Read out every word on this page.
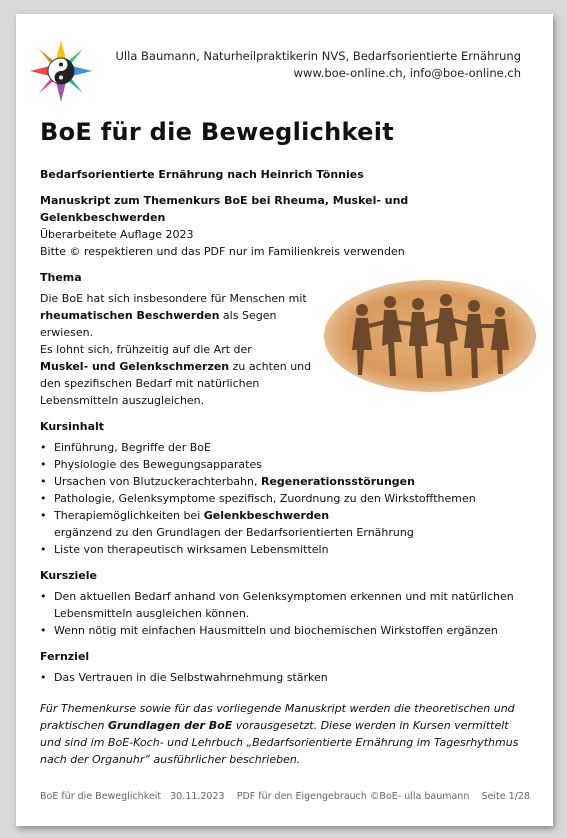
Ulla Baumann, Naturheilpraktikerin NVS, Bedarfsorientierte Ernährung
www.boe-online.ch, info@boe-online.ch
BoE für die Beweglichkeit

Bedarfsorientierte Ernährung nach Heinrich Tönnies

Manuskript zum Themenkurs BoE bei Rheuma, Muskel- und Gelenkbeschwerden

Überarbeitete Auflage 2023

Bitte © respektieren und das PDF nur im Familienkreis verwenden

Thema

Die BoE hat sich insbesondere für Menschen mit

rheumatischen Beschwerden als Segen erwiesen.

Es lohnt sich, frühzeitig auf die Art der

Muskel- und Gelenkschmerzen zu achten und

den spezifischen Bedarf mit natürlichen

Lebensmitteln auszugleichen.

Kursinhalt

• Einführung, Begriffe der BoE
• Physiologie des Bewegungsapparates
• Ursachen von Blutzuckerachterbahn, Regenerationsstörungen
• Pathologie, Gelenksymptome spezifisch, Zuordnung zu den Wirkstoffthemen
• Therapiemöglichkeiten bei Gelenkbeschwerden
ergänzend zu den Grundlagen der Bedarfsorientierten Ernährung
• Liste von therapeutisch wirksamen Lebensmitteln

Kursziele

• Den aktuellen Bedarf anhand von Gelenksymptomen erkennen und mit natürlichen Lebensmitteln ausgleichen können.
• Wenn nötig mit einfachen Hausmitteln und biochemischen Wirkstoffen ergänzen

Fernziel

• Das Vertrauen in die Selbstwahrnehmung stärken

Für Themenkurse sowie für das vorliegende Manuskript werden die theoretischen und praktischen Grundlagen der BoE vorausgesetzt. Diese werden in Kursen vermittelt und sind im BoE-Koch- und Lehrbuch „Bedarfsorientierte Ernährung im Tagesrhythmus nach der Organuhr“ ausführlicher beschrieben.

BoE für die Beweglichkeit   30.11.2023 PDF für den Eigengebrauch ©BoE- ulla baumann Seite 1/28
